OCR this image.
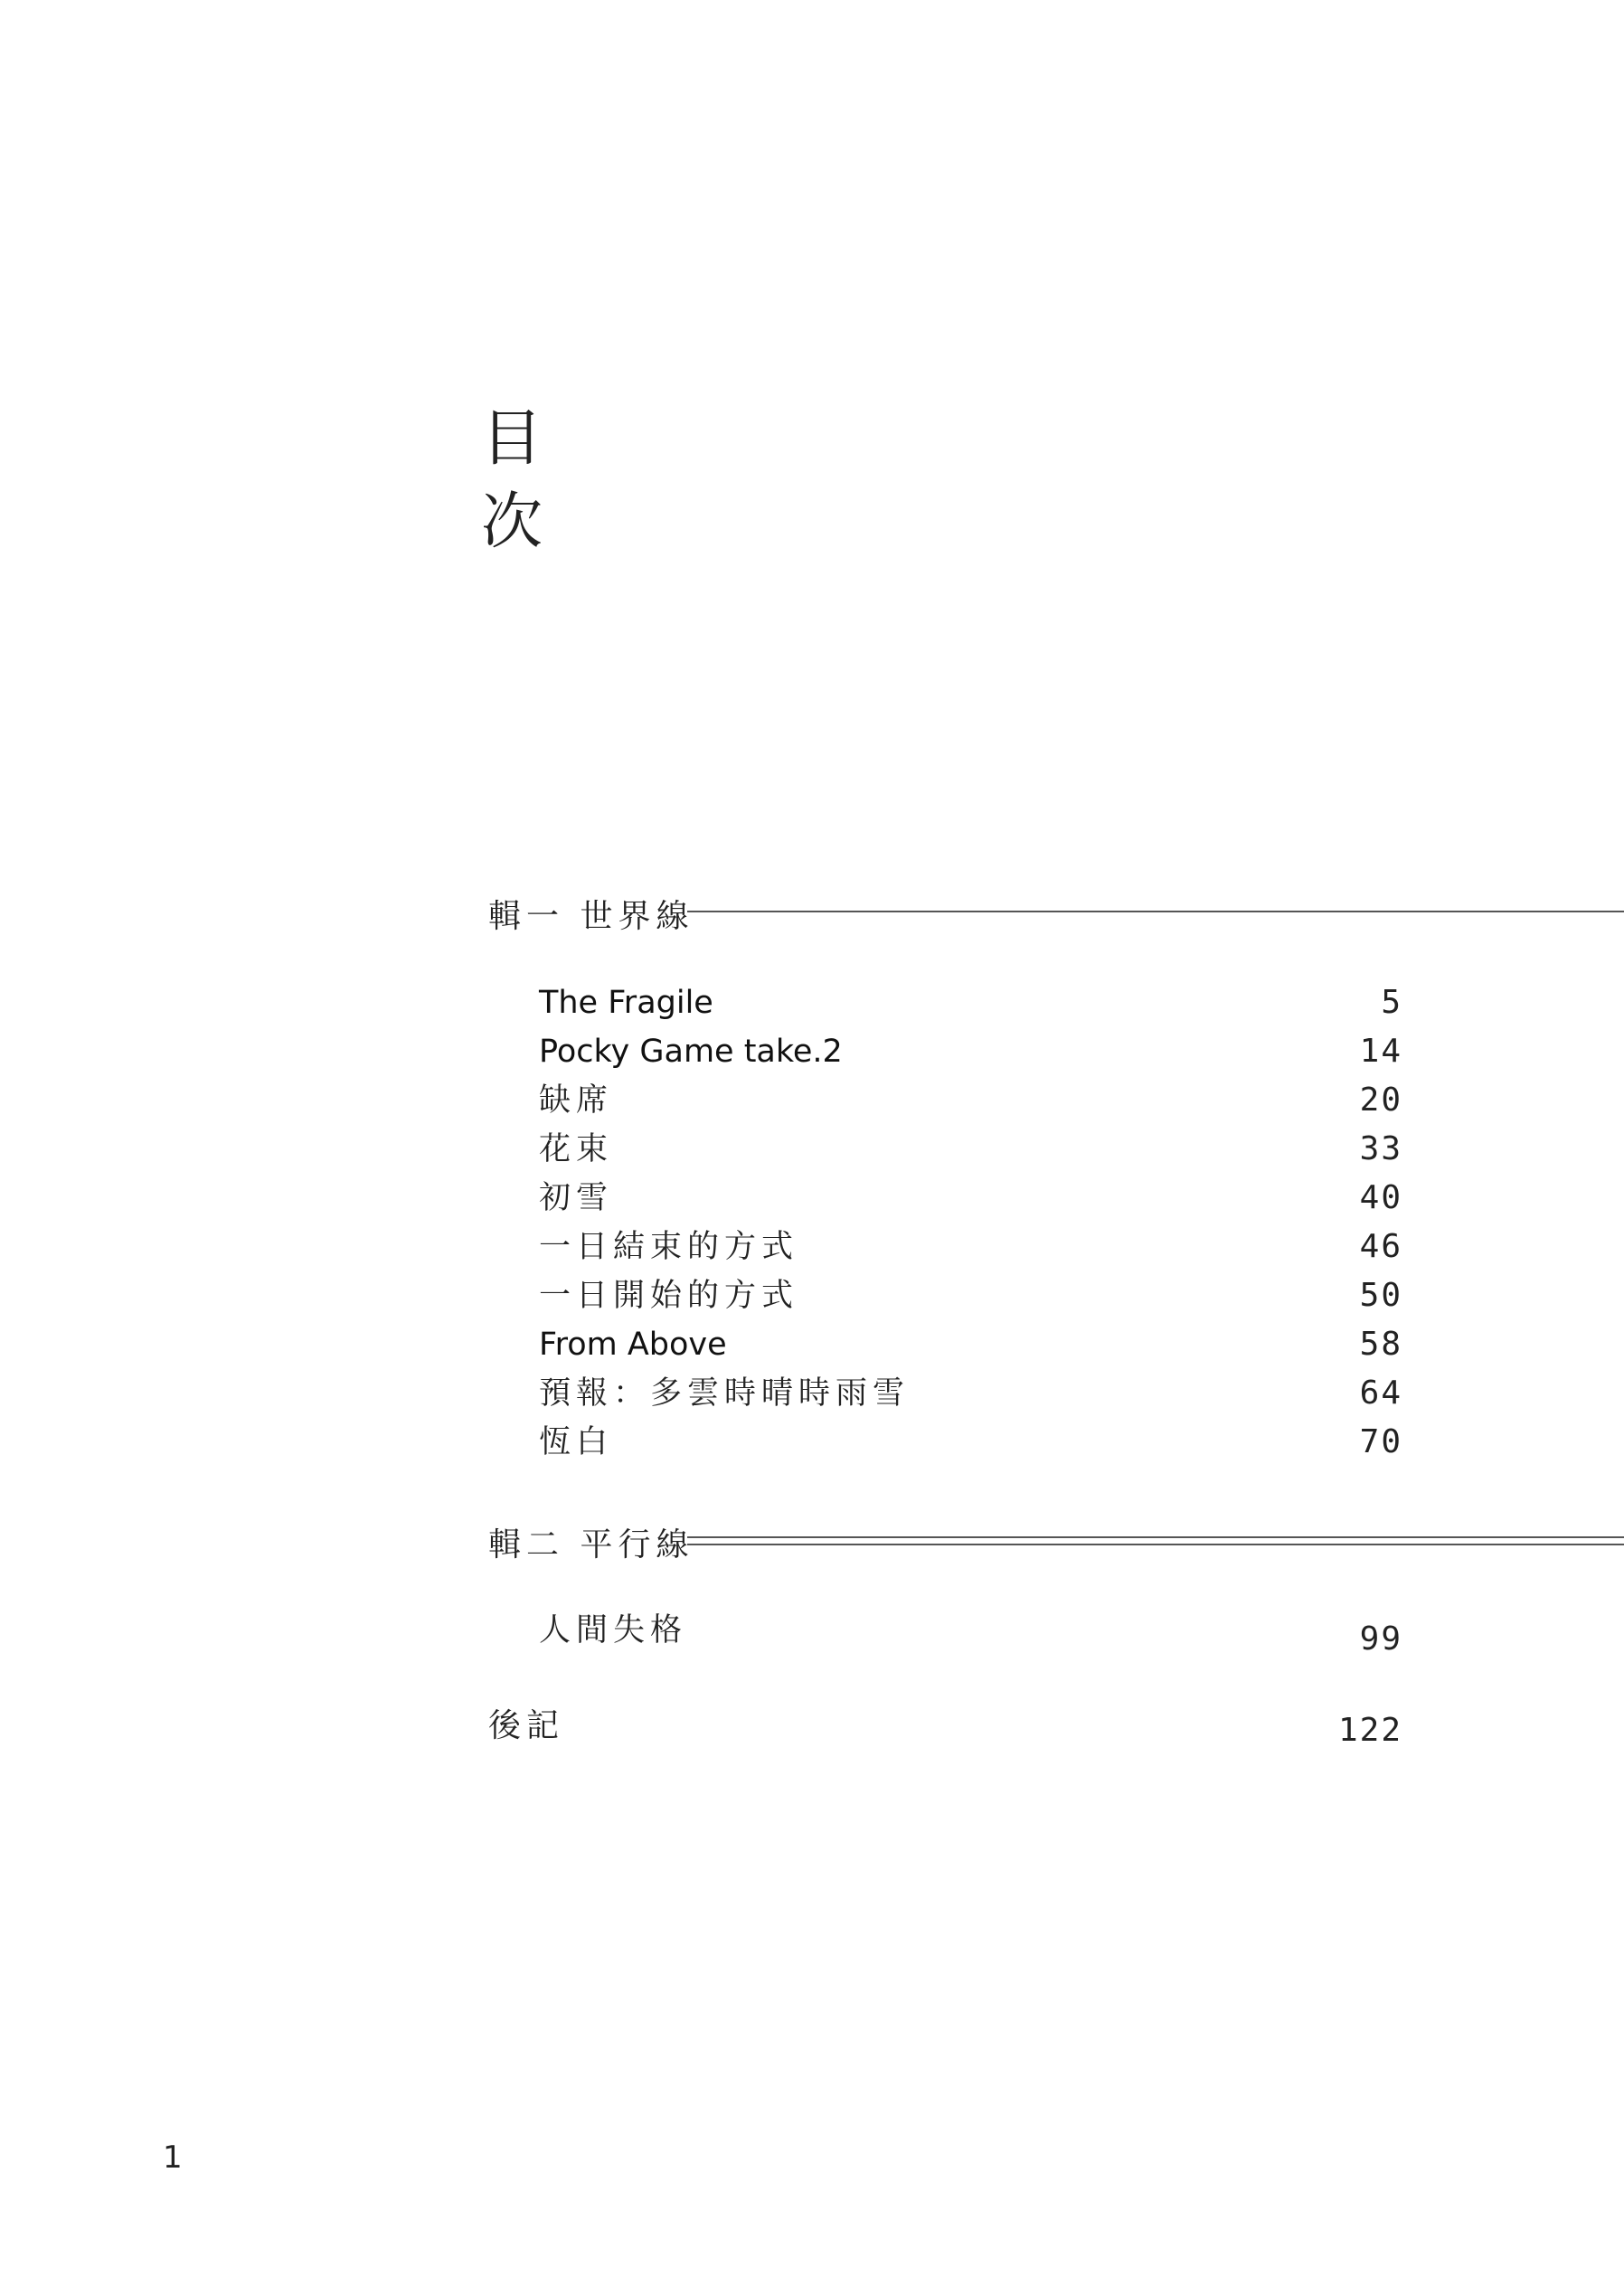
目
次
輯一 世界線
The Fragile	5
Pocky Game take.2	14
缺席	20
花束	33
初雪	40
一日結束的方式	46
一日開始的方式	50
From Above	58
預報：多雲時晴時雨雪	64
恆白	70
輯二 平行線
人間失格	99
後記	122
1
